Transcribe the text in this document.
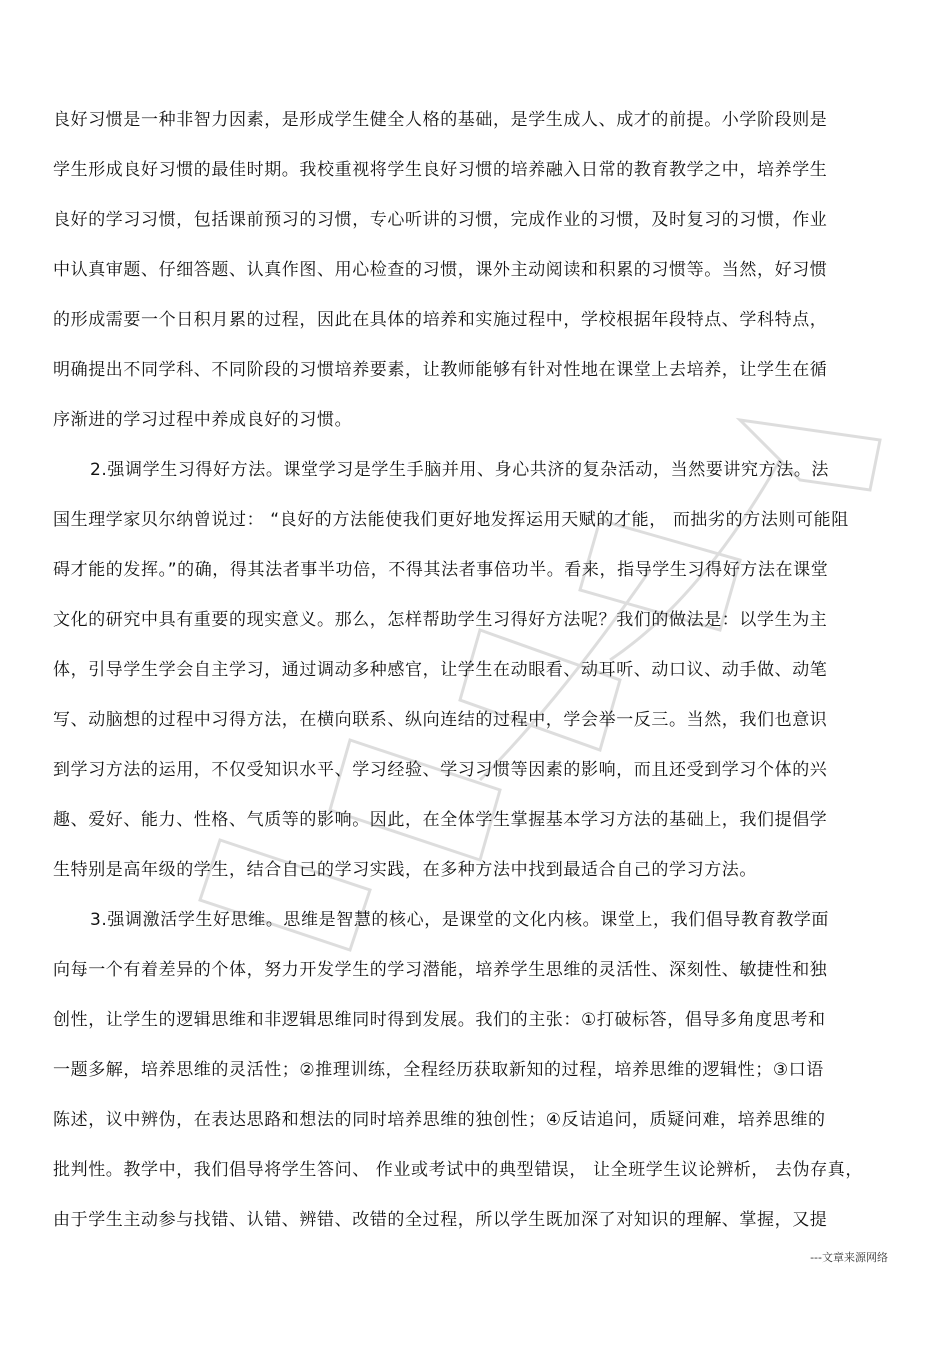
良好习惯是一种非智力因素，是形成学生健全人格的基础，是学生成人、成才的前提。小学阶段则是
学生形成良好习惯的最佳时期。我校重视将学生良好习惯的培养融入日常的教育教学之中，培养学生
良好的学习习惯，包括课前预习的习惯，专心听讲的习惯，完成作业的习惯，及时复习的习惯，作业
中认真审题、仔细答题、认真作图、用心检查的习惯，课外主动阅读和积累的习惯等。当然，好习惯
的形成需要一个日积月累的过程，因此在具体的培养和实施过程中，学校根据年段特点、学科特点，
明确提出不同学科、不同阶段的习惯培养要素，让教师能够有针对性地在课堂上去培养，让学生在循
序渐进的学习过程中养成良好的习惯。
2.强调学生习得好方法。课堂学习是学生手脑并用、身心共济的复杂活动，当然要讲究方法。法
国生理学家贝尔纳曾说过： “良好的方法能使我们更好地发挥运用天赋的才能， 而拙劣的方法则可能阻
碍才能的发挥。”的确，得其法者事半功倍，不得其法者事倍功半。看来，指导学生习得好方法在课堂
文化的研究中具有重要的现实意义。那么，怎样帮助学生习得好方法呢？我们的做法是：以学生为主
体，引导学生学会自主学习，通过调动多种感官，让学生在动眼看、动耳听、动口议、动手做、动笔
写、动脑想的过程中习得方法，在横向联系、纵向连结的过程中，学会举一反三。当然，我们也意识
到学习方法的运用，不仅受知识水平、学习经验、学习习惯等因素的影响，而且还受到学习个体的兴
趣、爱好、能力、性格、气质等的影响。因此，在全体学生掌握基本学习方法的基础上，我们提倡学
生特别是高年级的学生，结合自己的学习实践，在多种方法中找到最适合自己的学习方法。
3.强调激活学生好思维。思维是智慧的核心，是课堂的文化内核。课堂上，我们倡导教育教学面
向每一个有着差异的个体，努力开发学生的学习潜能，培养学生思维的灵活性、深刻性、敏捷性和独
创性，让学生的逻辑思维和非逻辑思维同时得到发展。我们的主张：①打破标答，倡导多角度思考和
一题多解，培养思维的灵活性；②推理训练，全程经历获取新知的过程，培养思维的逻辑性；③口语
陈述，议中辨伪，在表达思路和想法的同时培养思维的独创性；④反诘追问，质疑问难，培养思维的
批判性。教学中，我们倡导将学生答问、 作业或考试中的典型错误， 让全班学生议论辨析， 去伪存真，
由于学生主动参与找错、认错、辨错、改错的全过程，所以学生既加深了对知识的理解、掌握，又提
---文章来源网络
